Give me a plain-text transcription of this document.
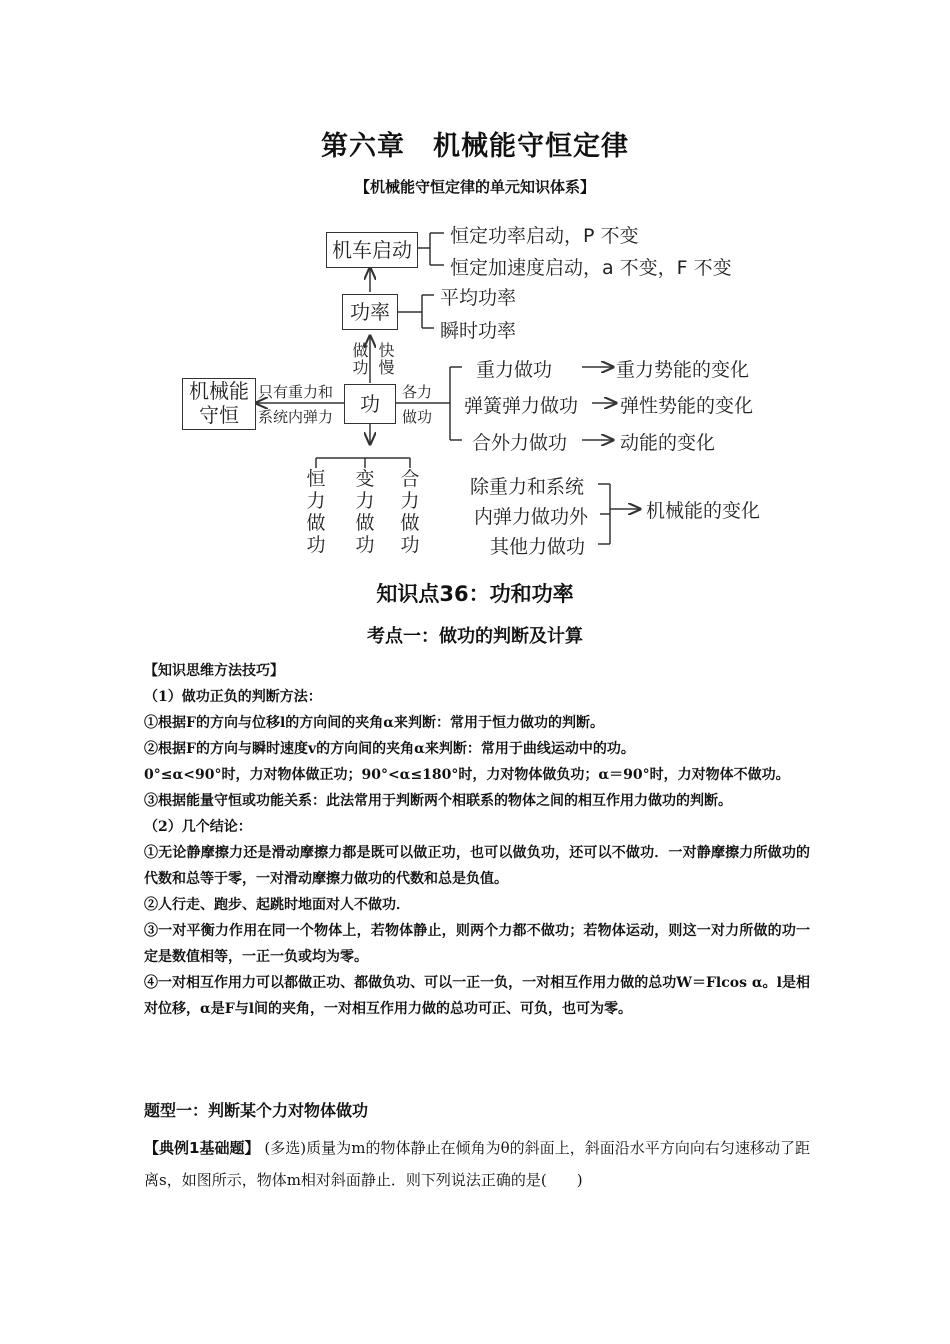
第六章　机械能守恒定律
【机械能守恒定律的单元知识体系】
机车启动
恒定功率启动，P 不变
恒定加速度启动，a 不变，F 不变
功率
平均功率
瞬时功率
做功 快慢
功
机械能
守恒
只有重力和
系统内弹力
各力
做功
重力做功	重力势能的变化
弹簧弹力做功 弹性势能的变化
合外力做功	动能的变化
除重力和系统
内弹力做功外
其他力做功
机械能的变化
恒
力
做
功
变
力
做
功
合
力
做
功
知识点36：功和功率
考点一：做功的判断及计算

【知识思维方法技巧】

（1）做功正负的判断方法：

①根据F的方向与位移l的方向间的夹角α来判断：常用于恒力做功的判断。

②根据F的方向与瞬时速度v的方向间的夹角α来判断：常用于曲线运动中的功。

0°≤α<90°时，力对物体做正功；90°<α≤180°时，力对物体做负功；α＝90°时，力对物体不做功。

③根据能量守恒或功能关系：此法常用于判断两个相联系的物体之间的相互作用力做功的判断。

（2）几个结论：

①无论静摩擦力还是滑动摩擦力都是既可以做正功，也可以做负功，还可以不做功．一对静摩擦力所做功的代数和总等于零，一对滑动摩擦力做功的代数和总是负值。

②人行走、跑步、起跳时地面对人不做功．

③一对平衡力作用在同一个物体上，若物体静止，则两个力都不做功；若物体运动，则这一对力所做的功一定是数值相等，一正一负或均为零。

④一对相互作用力可以都做正功、都做负功、可以一正一负，一对相互作用力做的总功W＝Flcos α。l是相对位移，α是F与l间的夹角，一对相互作用力做的总功可正、可负，也可为零。

题型一：判断某个力对物体做功
【典例1基础题】 (多选)质量为m的物体静止在倾角为θ的斜面上，斜面沿水平方向向右匀速移动了距离s，如图所示，物体m相对斜面静止．则下列说法正确的是(　　)
